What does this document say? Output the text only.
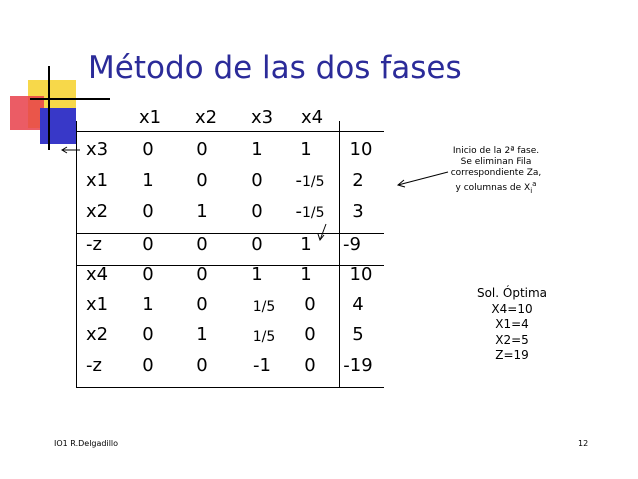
Método de las dos fases
x1 x2 x3 x4
x3 0 0 1 1 10
x1 1 0 0 -1/5 2
x2 0 1 0 -1/5 3
-z 0 0 0 1 -9
x4 0 0 1 1 10
x1 1 0	1/5 0 4
x2 0 1	1/5 0 5
-z 0 0	-1 0 -19
Inicio de la 2ª fase.
Se eliminan Fila
correspondiente Za,
y columnas de $X_i^a$
Sol. Óptima
X4=10
X1=4
X2=5
Z=19
IO1 R.Delgadillo	12
